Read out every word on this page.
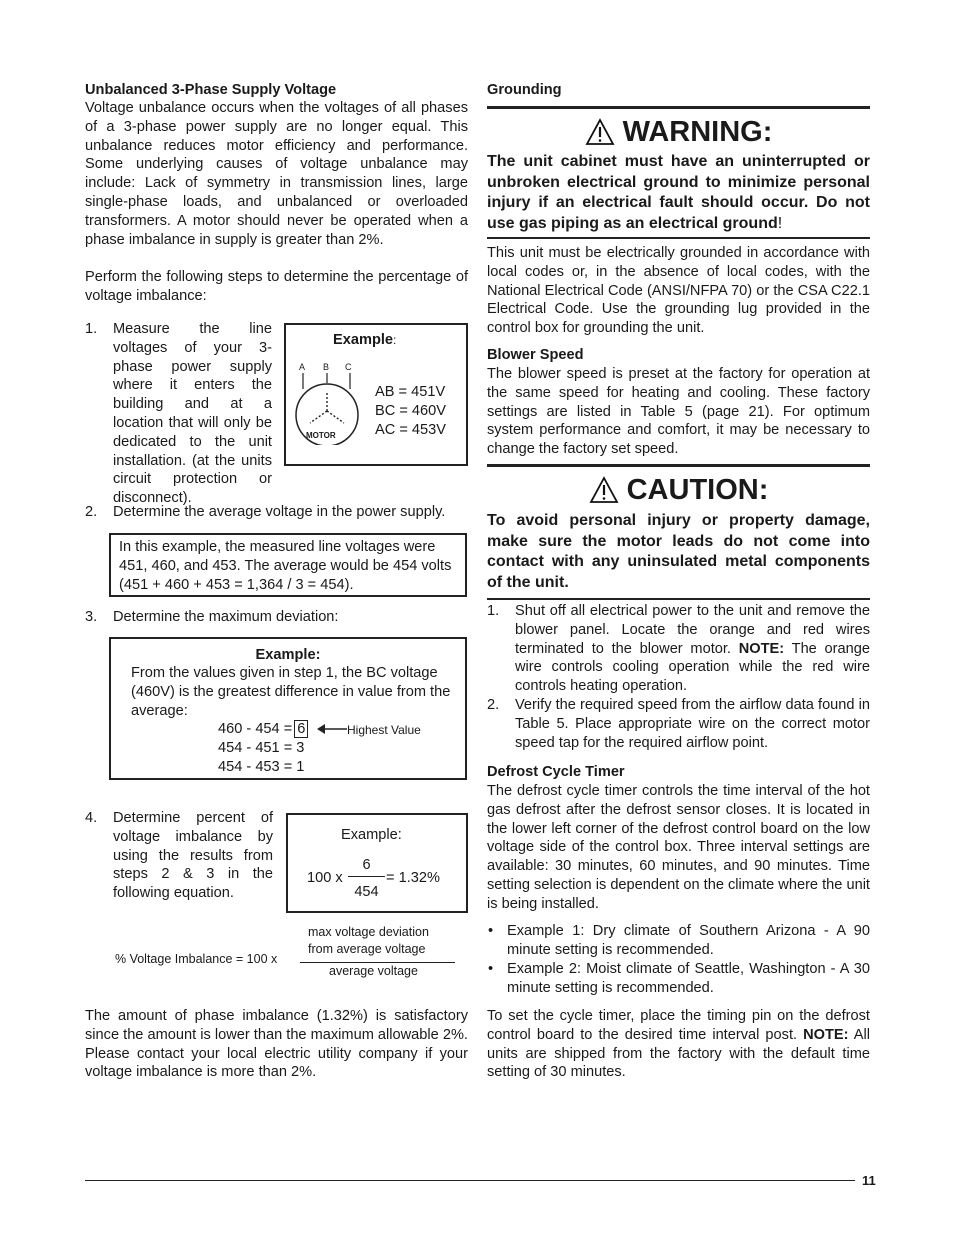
Unbalanced 3-Phase Supply Voltage

Voltage unbalance occurs when the voltages of all phases of a 3-phase power supply are no longer equal. This unbalance reduces motor efficiency and performance. Some underlying causes of voltage unbalance may include: Lack of symmetry in transmission lines, large single-phase loads, and unbalanced or overloaded transformers. A motor should never be operated when a phase imbalance in supply is greater than 2%.

Perform the following steps to determine the percentage of voltage imbalance:

1. Measure the line voltages of your 3-phase power supply where it enters the building and at a location that will only be dedicated to the unit installation. (at the units circuit protection or disconnect).

Example:
A B C
MOTOR
AB = 451V
BC = 460V
AC = 453V
2. Determine the average voltage in the power supply.

In this example, the measured line voltages were 451, 460, and 453. The average would be 454 volts (451 + 460 + 453 = 1,364 / 3 = 454).

3. Determine the maximum deviation:
Example:

From the values given in step 1, the BC voltage (460V) is the greatest difference in value from the average:

460 - 454 = 6	Highest Value
454 - 451 = 3
454 - 453 = 1
4. Determine percent of voltage imbalance by using the results from steps 2 & 3 in the following equation.

Example:
100 x
6
454
= 1.32%
% Voltage Imbalance = 100 x
max voltage deviation
from average voltage
average voltage

The amount of phase imbalance (1.32%) is satisfactory since the amount is lower than the maximum allowable 2%. Please contact your local electric utility company if your voltage imbalance is more than 2%.

Grounding
WARNING:

The unit cabinet must have an uninterrupted or unbroken electrical ground to minimize personal injury if an electrical fault should occur. Do not use gas piping as an electrical ground!

This unit must be electrically grounded in accordance with local codes or, in the absence of local codes, with the National Electrical Code (ANSI/NFPA 70) or the CSA C22.1 Electrical Code. Use the grounding lug provided in the control box for grounding the unit.

Blower Speed

The blower speed is preset at the factory for operation at the same speed for heating and cooling. These factory settings are listed in Table 5 (page 21). For optimum system performance and comfort, it may be necessary to change the factory set speed.

CAUTION:

To avoid personal injury or property damage, make sure the motor leads do not come into contact with any uninsulated metal components of the unit.

1. Shut off all electrical power to the unit and remove the blower panel. Locate the orange and red wires terminated to the blower motor. NOTE: The orange wire controls cooling operation while the red wire controls heating operation.

2. Verify the required speed from the airflow data found in Table 5. Place appropriate wire on the correct motor speed tap for the required airflow point.

Defrost Cycle Timer

The defrost cycle timer controls the time interval of the hot gas defrost after the defrost sensor closes. It is located in the lower left corner of the defrost control board on the low voltage side of the control box. Three interval settings are available: 30 minutes, 60 minutes, and 90 minutes. Time setting selection is dependent on the climate where the unit is being installed.

• Example 1: Dry climate of Southern Arizona - A 90 minute setting is recommended.

• Example 2: Moist climate of Seattle, Washington - A 30 minute setting is recommended.

To set the cycle timer, place the timing pin on the defrost control board to the desired time interval post. NOTE: All units are shipped from the factory with the default time setting of 30 minutes.

11
